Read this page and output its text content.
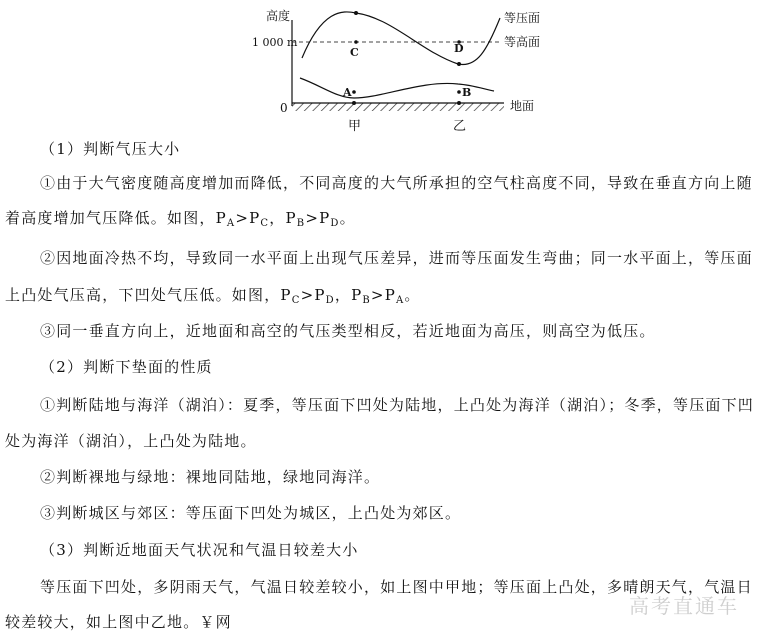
高度
1 000 m
0	地面
等高面
等压面
C	D
A	B
甲	乙
（1）判断气压大小
①由于大气密度随高度增加而降低，不同高度的大气所承担的空气柱高度不同，导致在垂直方向上随
着高度增加气压降低。如图，$P_A>P_C$，$P_B>P_D$。
②因地面冷热不均，导致同一水平面上出现气压差异，进而等压面发生弯曲；同一水平面上，等压面
上凸处气压高，下凹处气压低。如图，$P_C>P_D$，$P_B>P_A$。
③同一垂直方向上，近地面和高空的气压类型相反，若近地面为高压，则高空为低压。
（2）判断下垫面的性质
①判断陆地与海洋（湖泊）：夏季，等压面下凹处为陆地，上凸处为海洋（湖泊）；冬季，等压面下凹
处为海洋（湖泊），上凸处为陆地。
②判断裸地与绿地：裸地同陆地，绿地同海洋。
③判断城区与郊区：等压面下凹处为城区，上凸处为郊区。
（3）判断近地面天气状况和气温日较差大小
等压面下凹处，多阴雨天气，气温日较差较小，如上图中甲地；等压面上凸处，多晴朗天气，气温日
较差较大，如上图中乙地。￥网
高考直通车
